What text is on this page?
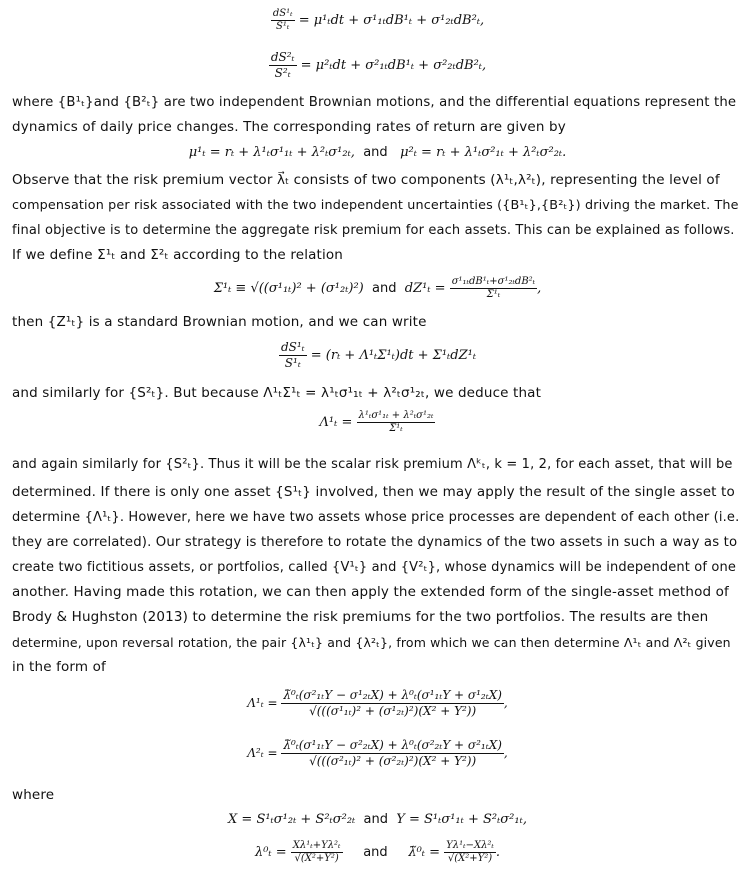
$\frac{\text{dS¹ₜ}}{\text{S¹ₜ}} = \mu^1_tdt + \sigma^1_{1t}dB^1_t + \sigma^1_{2t}dB^2_t$,
$\frac{\text{dS²ₜ}}{\text{S²ₜ}} = \mu^2_tdt + \sigma^2_{1t}dB^1_t + \sigma^2_{2t}dB^2_t$,
where {B¹ₜ}and {B²ₜ} are two independent Brownian motions, and the differential equations represent the
dynamics of daily price changes. The corresponding rates of return are given by
μ¹ₜ = rₜ + λ¹ₜσ¹₁ₜ + λ²ₜσ¹₂ₜ, and μ²ₜ = rₜ + λ¹ₜσ²₁ₜ + λ²ₜσ²₂ₜ.
Observe that the risk premium vector λ⃗ₜ consists of two components (λ¹ₜ,λ²ₜ), representing the level of
compensation per risk associated with the two independent uncertainties ({B¹ₜ},{B²ₜ}) driving the market. The
final objective is to determine the aggregate risk premium for each assets. This can be explained as follows.
If we define Σ¹ₜ and Σ²ₜ according to the relation
Σ¹ₜ ≡ √((σ¹₁ₜ)² + (σ¹₂ₜ)²) and $dZ^1_t = \frac{\text{σ¹₁ₜdB¹ₜ+σ¹₂ₜdB²ₜ}}{\text{Σ¹ₜ}}$ ,
then {Z¹ₜ} is a standard Brownian motion, and we can write
$\frac{\text{dS¹ₜ}}{\text{S¹ₜ}} = (r_t + \Lambda^1_t\Sigma^1_t)dt + \Sigma^1_tdZ^1_t$
and similarly for {S²ₜ}. But because Λ¹ₜΣ¹ₜ = λ¹ₜσ¹₁ₜ + λ²ₜσ¹₂ₜ, we deduce that
$\Lambda^1_t = \frac{\text{λ¹ₜσ¹₁ₜ + λ²ₜσ¹₂ₜ}}{\text{Σ¹ₜ}}$
and again similarly for {S²ₜ}. Thus it will be the scalar risk premium Λᵏₜ, k = 1, 2, for each asset, that will be
determined. If there is only one asset {S¹ₜ} involved, then we may apply the result of the single asset to
determine {Λ¹ₜ}. However, here we have two assets whose price processes are dependent of each other (i.e.
they are correlated). Our strategy is therefore to rotate the dynamics of the two assets in such a way as to
create two fictitious assets, or portfolios, called {V¹ₜ} and {V²ₜ}, whose dynamics will be independent of one
another. Having made this rotation, we can then apply the extended form of the single-asset method of
Brody & Hughston (2013) to determine the risk premiums for the two portfolios. The results are then
determine, upon reversal rotation, the pair {λ¹ₜ} and {λ²ₜ}, from which we can then determine Λ¹ₜ and Λ²ₜ given
in the form of
$\Lambda^1_t = \frac{\text{λ̃⁰ₜ(σ²₁ₜY − σ¹₂ₜX) + λ⁰ₜ(σ¹₁ₜY + σ¹₂ₜX)}}{\text{√(((σ¹₁ₜ)² + (σ¹₂ₜ)²)(X² + Y²))}}$ ,
$\Lambda^2_t = \frac{\text{λ̃⁰ₜ(σ¹₁ₜY − σ²₂ₜX) + λ⁰ₜ(σ²₂ₜY + σ²₁ₜX)}}{\text{√(((σ²₁ₜ)² + (σ²₂ₜ)²)(X² + Y²))}}$ ,
where
X = S¹ₜσ¹₂ₜ + S²ₜσ²₂ₜ and Y = S¹ₜσ¹₁ₜ + S²ₜσ²₁ₜ,
$\lambda^0_t = \frac{\text{Xλ¹ₜ+Yλ²ₜ}}{\text{√(X²+Y²)}}$ and λ̃⁰ₜ = $\frac{\text{Yλ¹ₜ−Xλ²ₜ}}{\text{√(X²+Y²)}}$ .
